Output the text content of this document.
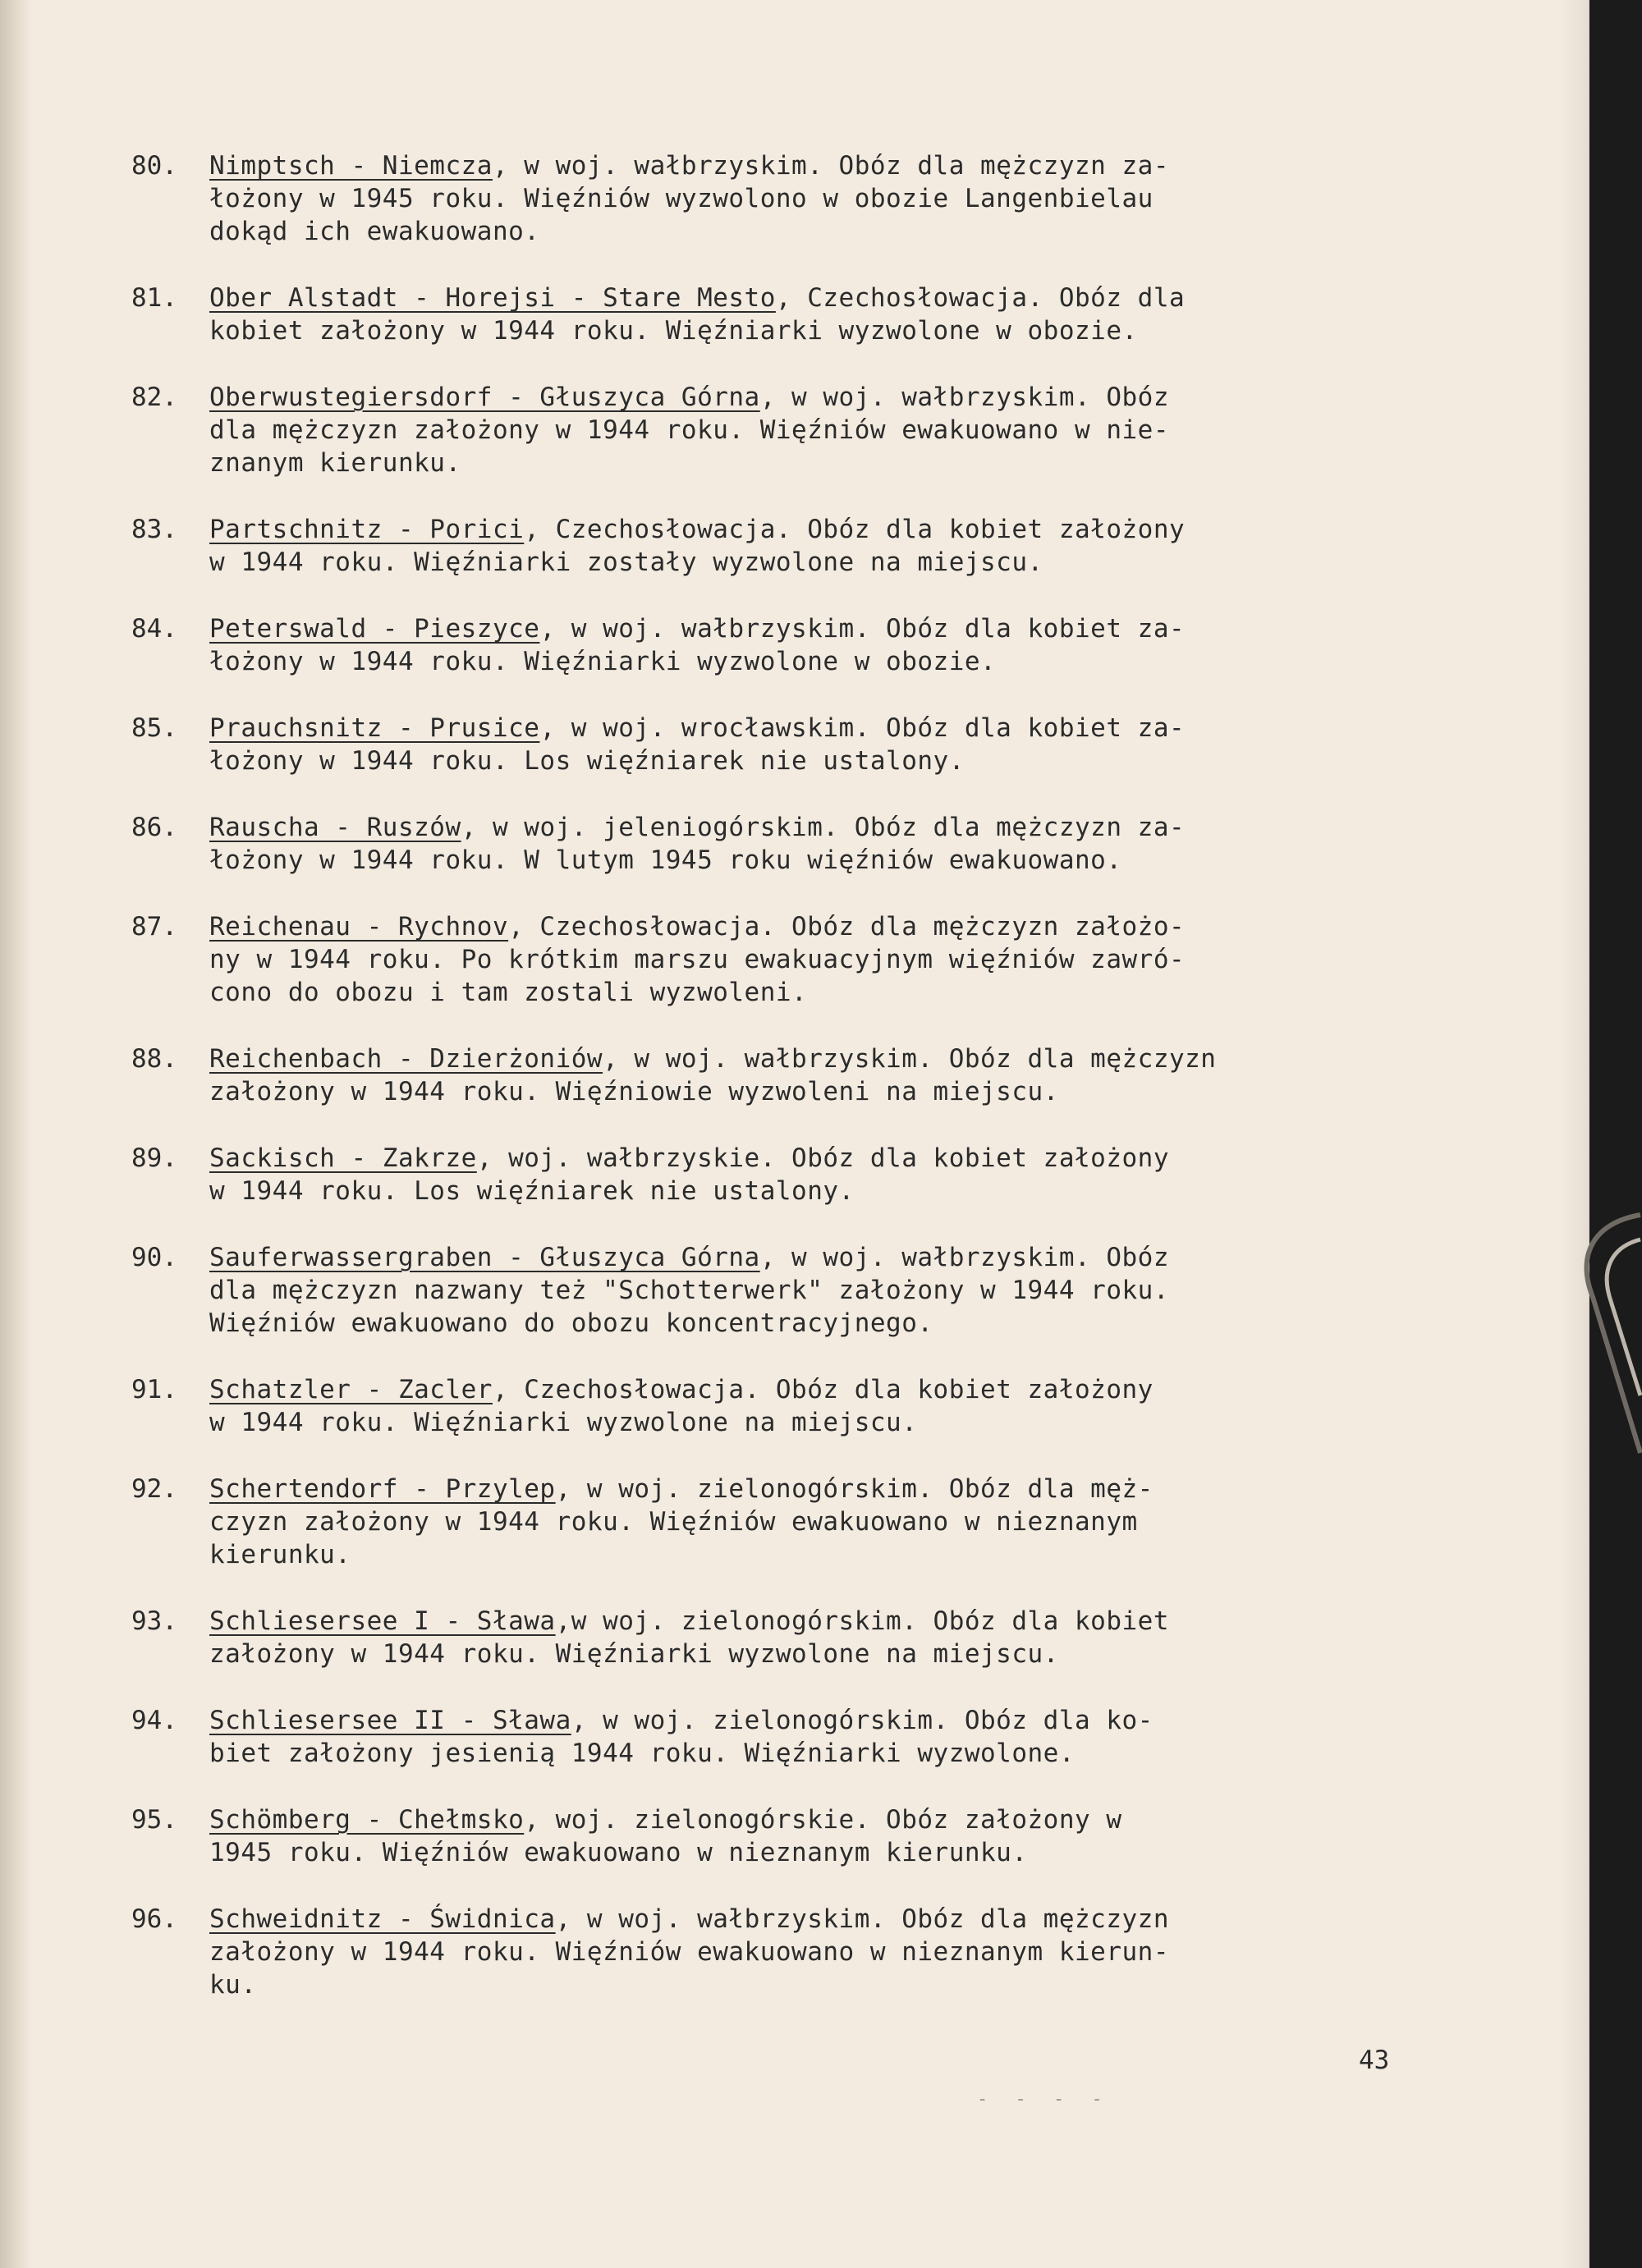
80.	Nimptsch - Niemcza, w woj. wałbrzyskim. Obóz dla mężczyzn za-
łożony w 1945 roku. Więźniów wyzwolono w obozie Langenbielau
dokąd ich ewakuowano.
81.	Ober Alstadt - Horejsi - Stare Mesto, Czechosłowacja. Obóz dla
kobiet założony w 1944 roku. Więźniarki wyzwolone w obozie.
82.	Oberwustegiersdorf - Głuszyca Górna, w woj. wałbrzyskim. Obóz
dla mężczyzn założony w 1944 roku. Więźniów ewakuowano w nie-
znanym kierunku.
83.	Partschnitz - Porici, Czechosłowacja. Obóz dla kobiet założony
w 1944 roku. Więźniarki zostały wyzwolone na miejscu.
84.	Peterswald - Pieszyce, w woj. wałbrzyskim. Obóz dla kobiet za-
łożony w 1944 roku. Więźniarki wyzwolone w obozie.
85.	Prauchsnitz - Prusice, w woj. wrocławskim. Obóz dla kobiet za-
łożony w 1944 roku. Los więźniarek nie ustalony.
86.	Rauscha - Ruszów, w woj. jeleniogórskim. Obóz dla mężczyzn za-
łożony w 1944 roku. W lutym 1945 roku więźniów ewakuowano.
87.	Reichenau - Rychnov, Czechosłowacja. Obóz dla mężczyzn założo-
ny w 1944 roku. Po krótkim marszu ewakuacyjnym więźniów zawró-
cono do obozu i tam zostali wyzwoleni.
88.	Reichenbach - Dzierżoniów, w woj. wałbrzyskim. Obóz dla mężczyzn
założony w 1944 roku. Więźniowie wyzwoleni na miejscu.
89.	Sackisch - Zakrze, woj. wałbrzyskie. Obóz dla kobiet założony
w 1944 roku. Los więźniarek nie ustalony.
90.	Sauferwassergraben - Głuszyca Górna, w woj. wałbrzyskim. Obóz
dla mężczyzn nazwany też "Schotterwerk" założony w 1944 roku.
Więźniów ewakuowano do obozu koncentracyjnego.
91.	Schatzler - Zacler, Czechosłowacja. Obóz dla kobiet założony
w 1944 roku. Więźniarki wyzwolone na miejscu.
92.	Schertendorf - Przylep, w woj. zielonogórskim. Obóz dla męż-
czyzn założony w 1944 roku. Więźniów ewakuowano w nieznanym
kierunku.
93.	Schliesersee I - Sława,w woj. zielonogórskim. Obóz dla kobiet
założony w 1944 roku. Więźniarki wyzwolone na miejscu.
94.	Schliesersee II - Sława, w woj. zielonogórskim. Obóz dla ko-
biet założony jesienią 1944 roku. Więźniarki wyzwolone.
95.	Schömberg - Chełmsko, woj. zielonogórskie. Obóz założony w
1945 roku. Więźniów ewakuowano w nieznanym kierunku.
96.	Schweidnitz - Świdnica, w woj. wałbrzyskim. Obóz dla mężczyzn
założony w 1944 roku. Więźniów ewakuowano w nieznanym kierun-
ku.
43
- - - -
